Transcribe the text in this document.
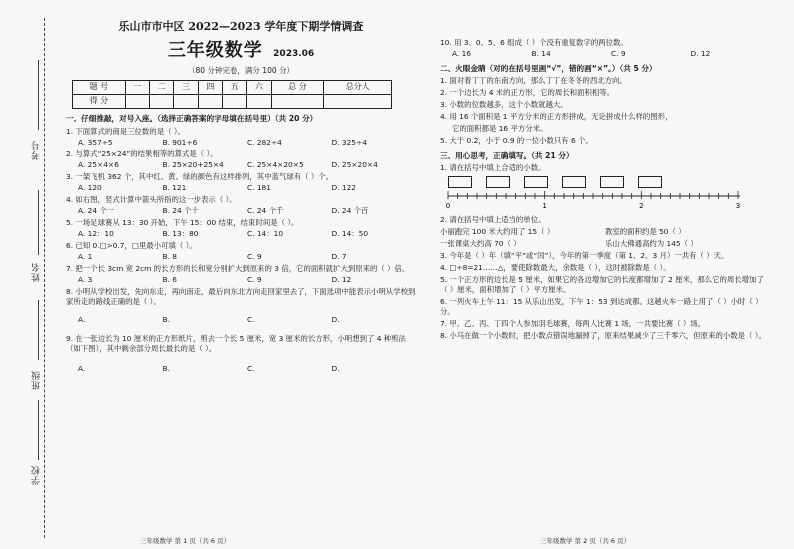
考号
姓名
班级
学校
乐山市市中区 2022—2023 学年度下期学情调查
三年级数学 2023.06
（80 分钟完卷，满分 100 分）
题 号	一	二	三	四	五	六	总 分	总分人
得 分								
一、仔细推敲，对号入座。（选择正确答案的字母填在括号里）（共 20 分）
1. 下面算式的商是三位数的是（ ）。
A. 357÷5	B. 901÷6	C. 282÷4	D. 325÷4
2. 与算式“25×24”的结果相等的算式是（ ）。
A. 25×4×6	B. 25×20+25×4	C. 25×4×20×5	D. 25×20×4
3. 一架飞机 362 个，其中红、黄、绿的颜色有这样排列，其中蓝气球有（ ）个。
A. 120	B. 121	C. 181	D. 122
4. 如右图，竖式计算中箭头所指的这一步表示（ ）。
A. 24 个一	B. 24 个十	C. 24 个千	D. 24 个百
5. 一场足球赛从 13：30 开始，下午 15：00 结束，结束时间是（ ）。
A. 12：10	B. 13：80	C. 14：10	D. 14：50
6. 已知 0.□>0.7，□里最小可填（ ）。
A. 1	B. 8	C. 9	D. 7
7. 把一个长 3cm 宽 2cm 的长方形的长和宽分别扩大到原来的 3 倍，它的面积就扩大到原来的（ ）倍。
A. 3	B. 6	C. 9	D. 12
8. 小明从学校出发，先向东走，再向南走，最后向东北方向走回家里去了，下面选项中能表示小明从学校到家所走的路线正确的是（ ）。
A.	B.	C.	D.
9. 在一张边长为 10 厘米的正方形纸片，剪去一个长 5 厘米，宽 3 厘米的长方形，小明想到了 4 种剪法（如下图），其中剩余部分周长最长的是（ ）。
A.	B.	C.	D.
10. 用 3、0、5、6 组成（ ）个没有重复数字的两位数。
A. 16	B. 14	C. 9	D. 12
二、火眼金睛（对的在括号里画“√”，错的画“×”。）（共 5 分）
1. 面对着丁丁的东南方向，那么丁丁在冬冬的西北方向。
2. 一个边长为 4 米的正方形，它的周长和面积相等。
3. 小数的位数越多，这个小数就越大。
4. 用 16 个面积是 1 平方分米的正方形拼成，无论拼成什么样的图形，
它的面积都是 16 平方分米。
5. 大于 0.2，小于 0.9 的一位小数只有 6 个。
三、用心思考，正确填写。（共 21 分）
1. 请在括号中填上合适的小数。
0	1	2	3
2. 请在括号中填上适当的单位。
小丽跑完 100 米大约用了 15（ ）	教室的面积约是 50（ ）
一张课桌大约高 70（ ）	乐山大佛通高约为 145（ ）
3. 今年是（ ）年（填“平”或“闰”），今年的第一季度（第 1、2、3 月）一共有（ ）天。
4. □÷8=21……△，要使除数最大，余数是（ ），这时被除数是（ ）。
5. 一个正方形的边长是 5 厘米，如果它的各边增加它的长度都增加了 2 厘米，那么它的周长增加了（ ）厘米，面积增加了（ ）平方厘米。
6. 一列火车上午 11：15 从乐山出发，下午 1：53 到达成都。这趟火车一路上用了（ ）小时（ ）分。
7. 甲、乙、丙、丁四个人参加羽毛球赛，每两人比赛 1 场，一共要比赛（ ）场。
8. 小马在做一个小数时，把小数点错误地漏掉了，原来结果减少了三千零六，但原来的小数是（ ）。
三年级数学 第 1 页（共 6 页）	三年级数学 第 2 页（共 6 页）
